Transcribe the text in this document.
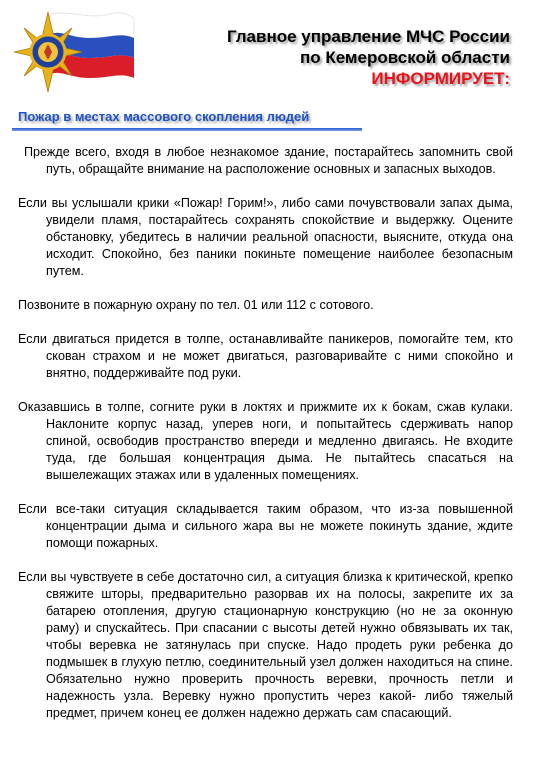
Главное управление МЧС России
по Кемеровской области
ИНФОРМИРУЕТ:
Пожар в местах массового скопления людей

Прежде всего, входя в любое незнакомое здание, постарайтесь запомнить свой путь, обращайте внимание на расположение основных и запасных выходов.

Если вы услышали крики «Пожар! Горим!», либо сами почувствовали запах дыма, увидели пламя, постарайтесь сохранять спокойствие и выдержку. Оцените обстановку, убедитесь в наличии реальной опасности, выясните, откуда она исходит. Спокойно, без паники покиньте помещение наиболее безопасным путем.

Позвоните в пожарную охрану по тел. 01 или 112 с сотового.

Если двигаться придется в толпе, останавливайте паникеров, помогайте тем, кто скован страхом и не может двигаться, разговаривайте с ними спокойно и внятно, поддерживайте под руки.

Оказавшись в толпе, согните руки в локтях и прижмите их к бокам, сжав кулаки. Наклоните корпус назад, уперев ноги, и попытайтесь сдерживать напор спиной, освободив пространство впереди и медленно двигаясь. Не входите туда, где большая концентрация дыма. Не пытайтесь спасаться на вышележащих этажах или в удаленных помещениях.

Если все-таки ситуация складывается таким образом, что из-за повышенной концентрации дыма и сильного жара вы не можете покинуть здание, ждите помощи пожарных.

Если вы чувствуете в себе достаточно сил, а ситуация близка к критической, крепко свяжите шторы, предварительно разорвав их на полосы, закрепите их за батарею отопления, другую стационарную конструкцию (но не за оконную раму) и спускайтесь. При спасании с высоты детей нужно обвязывать их так, чтобы веревка не затянулась при спуске. Надо продеть руки ребенка до подмышек в глухую петлю, соединительный узел должен находиться на спине. Обязательно нужно проверить прочность веревки, прочность петли и надежность узла. Веревку нужно пропустить через какой- либо тяжелый предмет, причем конец ее должен надежно держать сам спасающий.
